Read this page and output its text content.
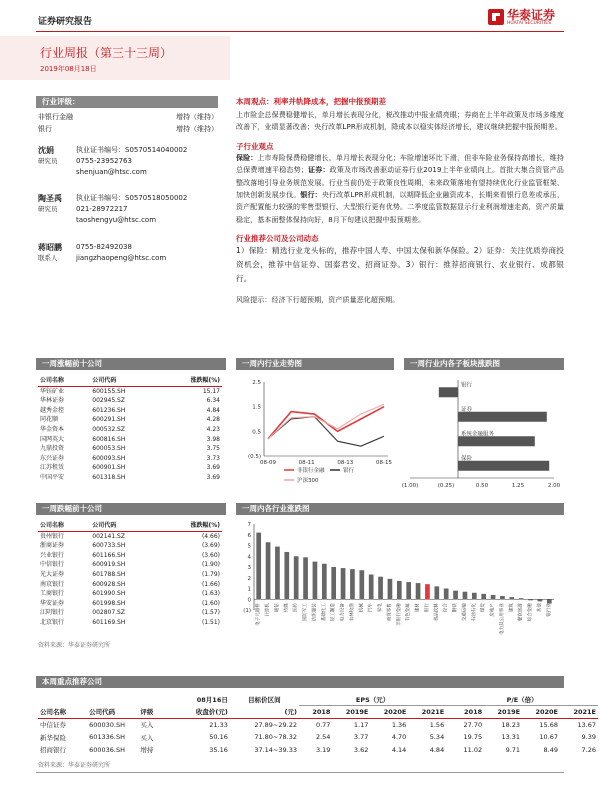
证券研究报告	华泰证券
HUATAI SECURITIES
行业周报（第三十三周）
2019年08月18日
行业评级：
非银行金融	增持（维持）
银行	增持（维持）
沈娟
研究员

执业证书编号：S0570514040002

0755-23952763

shenjuan@htsc.com

陶圣禹
研究员

执业证书编号：S0570518050002

021-28972217

taoshengyu@htsc.com

蒋昭鹏
联系人

0755-82492038

jiangzhaopeng@htsc.com

本周观点：利率并轨降成本，把握中报预期差
上市险企总保费稳健增长，单月增长表现分化，税改推动中报业绩亮眼；券商在上半年政策及市场多维度改善下，业绩显著改善；央行改革LPR形成机制，降成本以稳实体经济增长，建议继续把握中报预期差。
子行业观点
保险：上市寿险保费稳健增长，单月增长表现分化；车险增速环比下滑，但非车险业务保持高增长，维持总保费增速平稳态势；证券：政策及市场改善驱动证券行业2019上半年业绩向上。首批大集合资管产品整改落地引导业务规范发展。行业当前仍处于政策良性周期，未来政策落地有望持续优化行业监管框架、加快创新发展步伐。银行：央行改革LPR形成机制，以期降低企业融资成本，长期来看银行息差或承压，资产配置能力较强的零售型银行、大型银行更有优势。二季度监管数据显示行业利润增速走高，资产质量稳定，基本面整体保持向好，8月下旬建议把握中报预期差。
行业推荐公司及公司动态
1）保险：精选行业龙头标的，推荐中国人寿、中国太保和新华保险。2）证券：关注优质券商投资机会，推荐中信证券、国泰君安、招商证券。3）银行：推荐招商银行、农业银行、成都银行。
风险提示：经济下行超预期，资产质量恶化超预期。
一周涨幅前十公司
公司名称	公司代码	涨跌幅(%)
华钰矿业	600155.SH	15.17
华林证券	002945.SZ	6.34
越秀金控	601236.SH	4.84
同花顺	600291.SH	4.28
华金资本	000532.SZ	4.23
国网英大	600816.SH	3.98
九鼎投资	600053.SH	3.75
东兴证券	600093.SH	3.73
江苏租赁	600901.SH	3.69
中国平安	601318.SH	3.69
一周跌幅前十公司
公司名称	公司代码	涨跌幅(%)
贵州银行	002141.SZ	(4.66)
浙商证券	600733.SH	(3.69)
兴业银行	601166.SH	(3.60)
中信银行	600919.SH	(1.90)
光大证券	601788.SH	(1.79)
南京银行	600928.SH	(1.66)
工商银行	601990.SH	(1.63)
华安证券	601998.SH	(1.60)
江阴银行	002807.SZ	(1.57)
北京银行	601169.SH	(1.51)
资料来源：华泰证券研究所
一周内行业走势图
(0.5)
0.5
1.5
2.5
08-09	08-11	08-13	08-15
非银行金融	银行
沪深300
一周行业内各子板块涨跌图
(1.00)	(0.25)	0.50	1.25	2.00
保险
系统金融服务
证券
银行
一周内各行业涨跌图
7
6
5
4
3
2
1
0
(1)	电子元器件 计算机 通信 传媒 医药 国防军工 纺织服装 基础化工 轻工制造 电力设备 农林牧渔 机械 汽车 家电 商贸零售 非银行金融 有色金属 建材 银行 食品饮料 综合 钢铁 交通运输 石油石化 煤炭 房地产 电力及公用事业 建筑 餐饮旅游 综合金融 其他 银行业
本周重点推荐公司
			08月16日	目标价区间	EPS（元）				P/E（倍）			
公司名称	公司代码	评级	收盘价(元)	(元)	2018	2019E	2020E	2021E	2018	2019E	2020E	2021E
中信证券	600030.SH	买入	21.33	27.89~29.22	0.77	1.17	1.36	1.56	27.70	18.23	15.68	13.67
新华保险	601336.SH	买入	50.16	71.80~78.32	2.54	3.77	4.70	5.34	19.75	13.31	10.67	9.39
招商银行	600036.SH	增持	35.16	37.14~39.33	3.19	3.62	4.14	4.84	11.02	9.71	8.49	7.26
资料来源：华泰证券研究所
